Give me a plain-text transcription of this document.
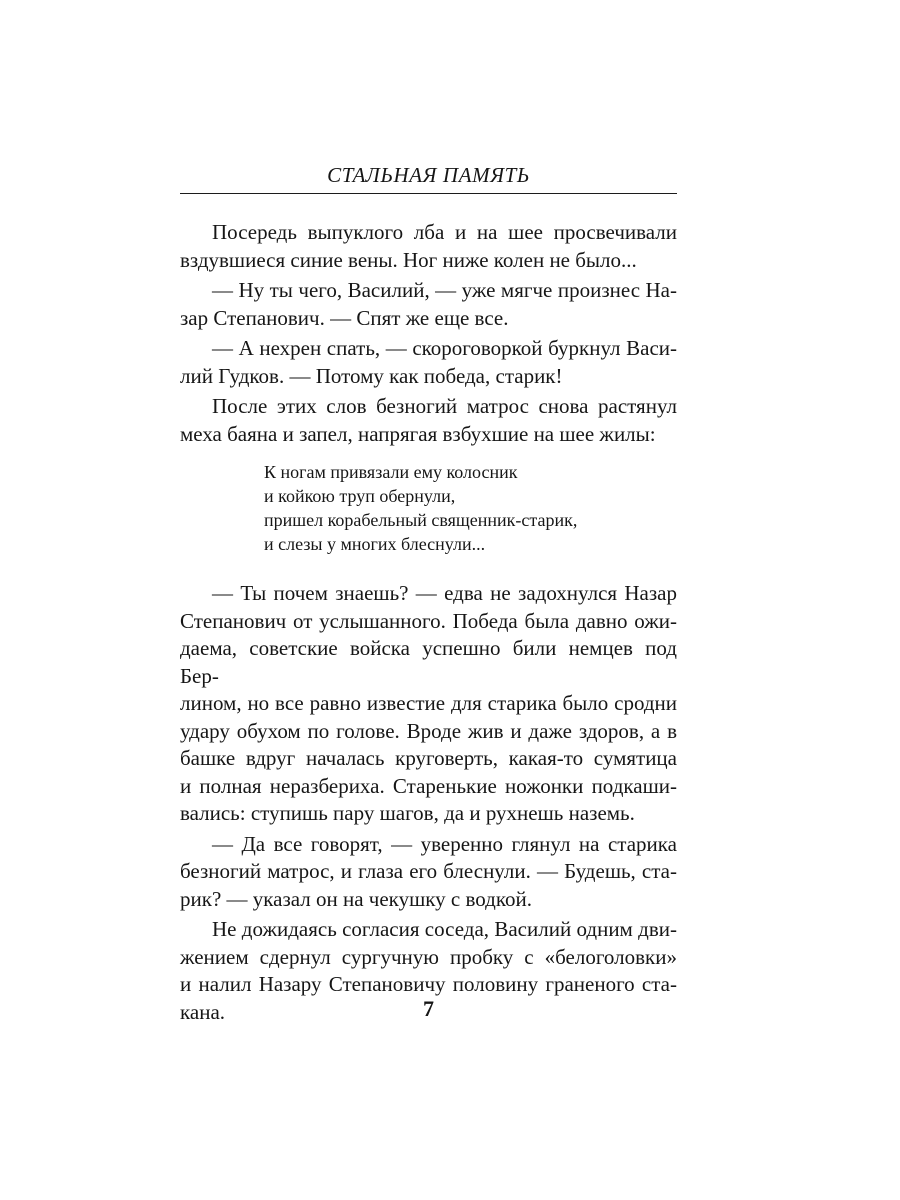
СТАЛЬНАЯ ПАМЯТЬ

Посередь выпуклого лба и на шее просвечивали
вздувшиеся синие вены. Ног ниже колен не было...

— Ну ты чего, Василий, — уже мягче произнес На-
зар Степанович. — Спят же еще все.

— А нехрен спать, — скороговоркой буркнул Васи-
лий Гудков. — Потому как победа, старик!

После этих слов безногий матрос снова растянул
меха баяна и запел, напрягая взбухшие на шее жилы:

К ногам привязали ему колосник
и койкою труп обернули,
пришел корабельный священник-старик,
и слезы у многих блеснули...

— Ты почем знаешь? — едва не задохнулся Назар
Степанович от услышанного. Победа была давно ожи-
даема, советские войска успешно били немцев под Бер-
лином, но все равно известие для старика было сродни
удару обухом по голове. Вроде жив и даже здоров, а в
башке вдруг началась круговерть, какая-то сумятица
и полная неразбериха. Старенькие ножонки подкаши-
вались: ступишь пару шагов, да и рухнешь наземь.

— Да все говорят, — уверенно глянул на старика
безногий матрос, и глаза его блеснули. — Будешь, ста-
рик? — указал он на чекушку с водкой.

Не дожидаясь согласия соседа, Василий одним дви-
жением сдернул сургучную пробку с «белоголовки»
и налил Назару Степановичу половину граненого ста-
кана.	7
